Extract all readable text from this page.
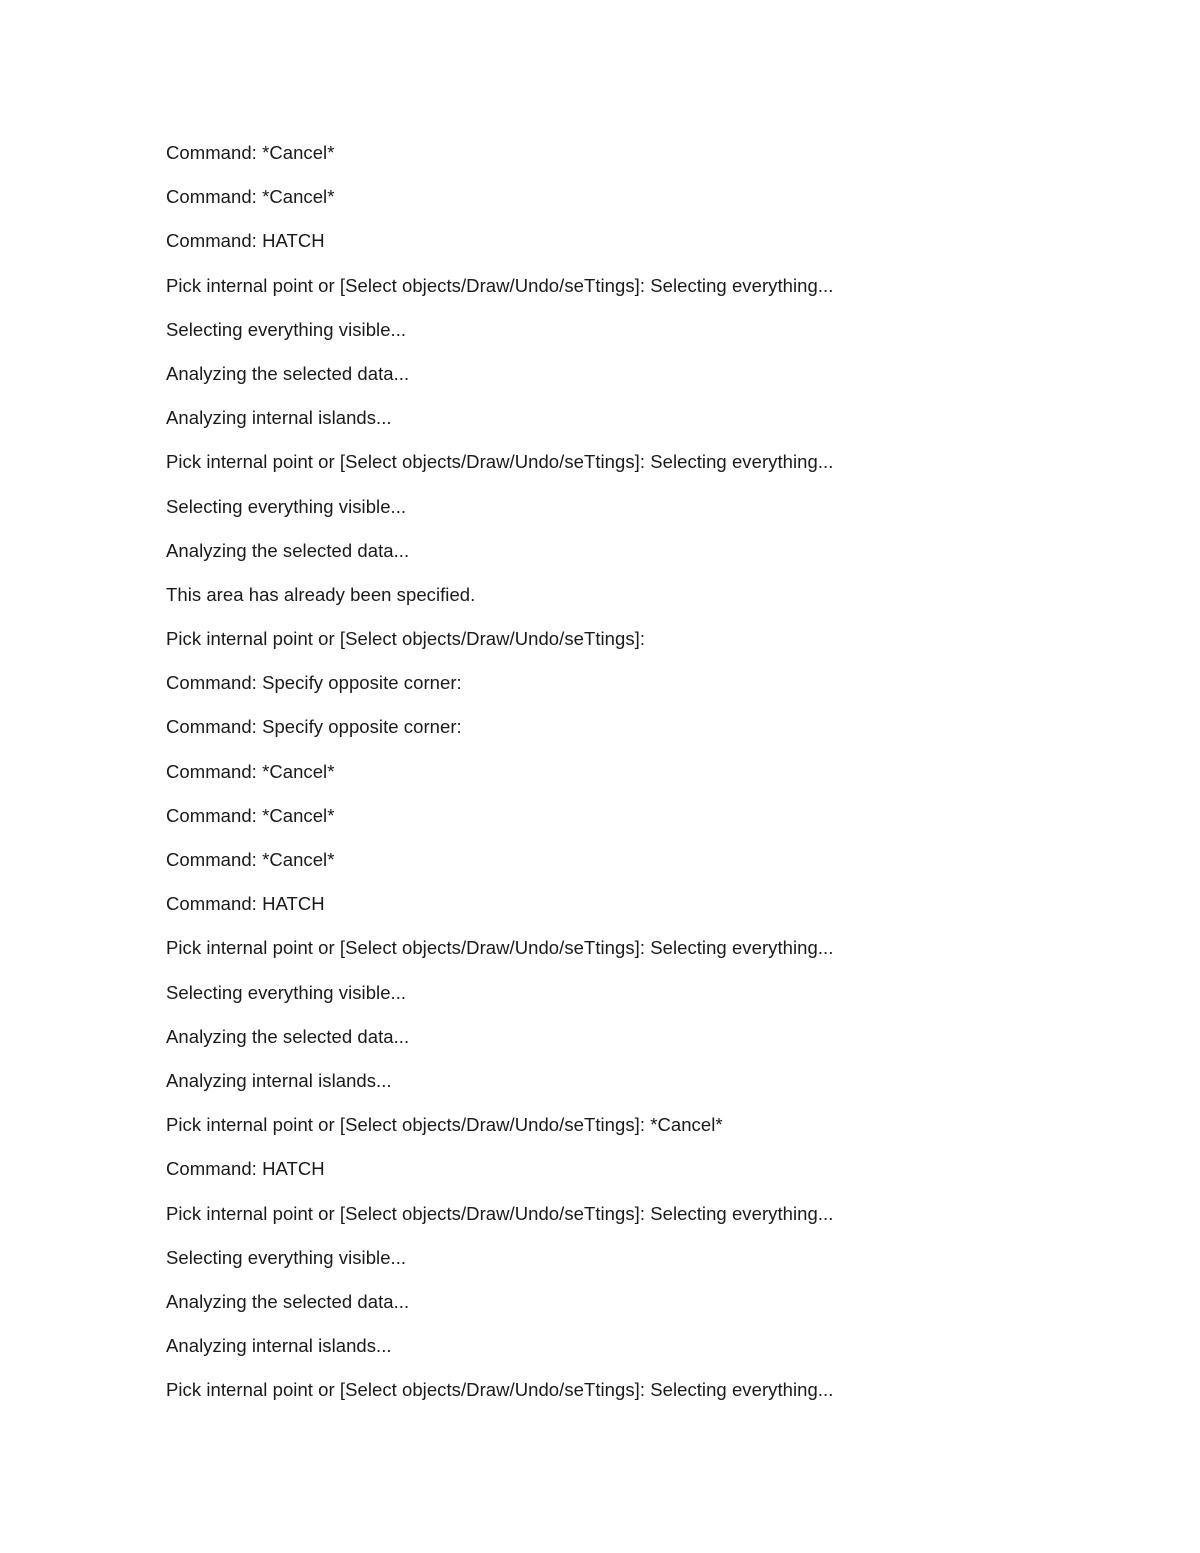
Command: *Cancel*
Command: *Cancel*
Command: HATCH
Pick internal point or [Select objects/Draw/Undo/seTtings]: Selecting everything...
Selecting everything visible...
Analyzing the selected data...
Analyzing internal islands...
Pick internal point or [Select objects/Draw/Undo/seTtings]: Selecting everything...
Selecting everything visible...
Analyzing the selected data...
This area has already been specified.
Pick internal point or [Select objects/Draw/Undo/seTtings]:
Command: Specify opposite corner:
Command: Specify opposite corner:
Command: *Cancel*
Command: *Cancel*
Command: *Cancel*
Command: HATCH
Pick internal point or [Select objects/Draw/Undo/seTtings]: Selecting everything...
Selecting everything visible...
Analyzing the selected data...
Analyzing internal islands...
Pick internal point or [Select objects/Draw/Undo/seTtings]: *Cancel*
Command: HATCH
Pick internal point or [Select objects/Draw/Undo/seTtings]: Selecting everything...
Selecting everything visible...
Analyzing the selected data...
Analyzing internal islands...
Pick internal point or [Select objects/Draw/Undo/seTtings]: Selecting everything...
